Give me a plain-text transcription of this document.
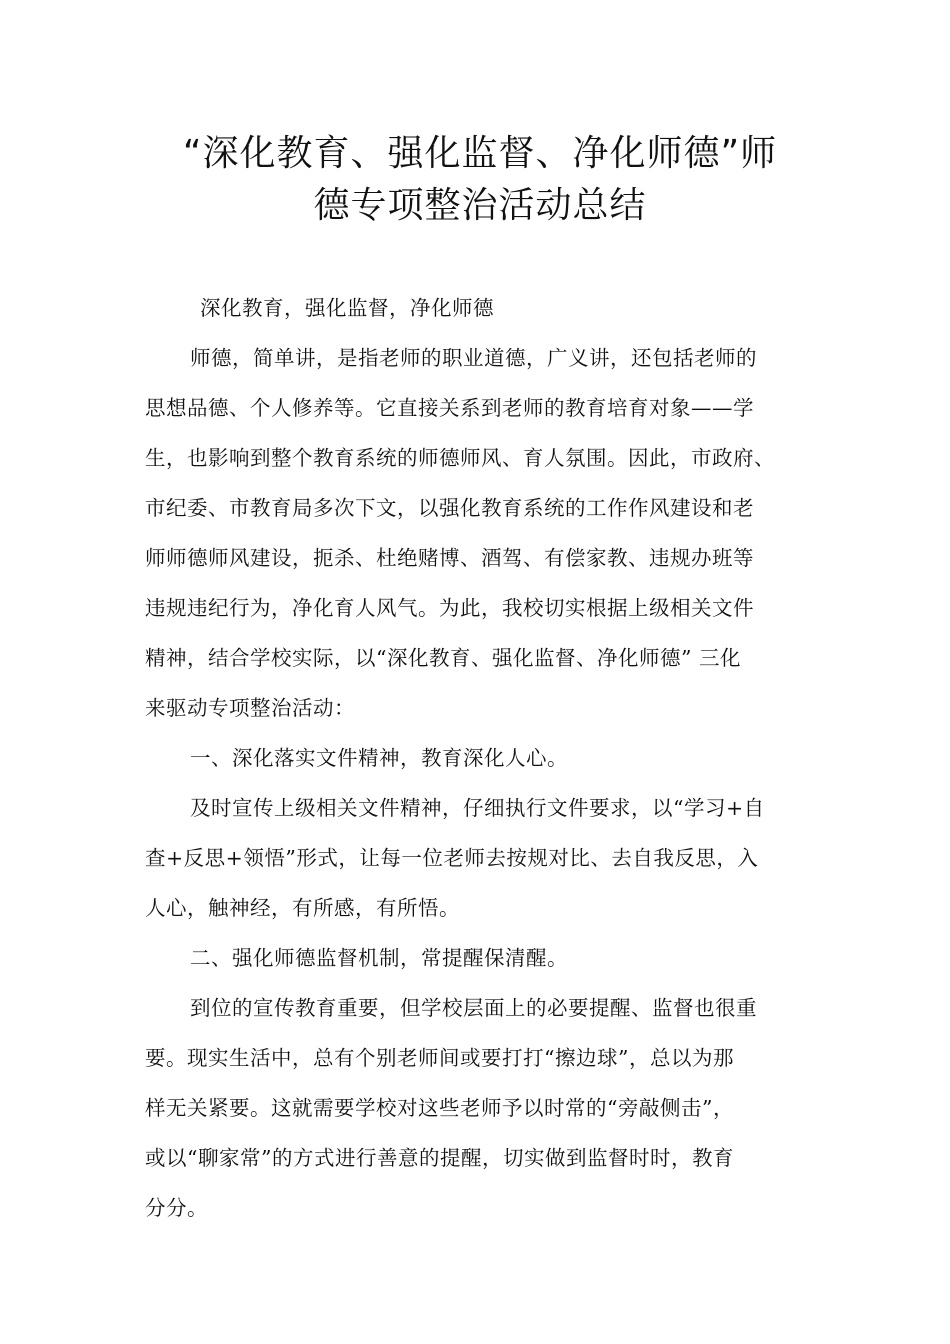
“深化教育、强化监督、净化师德”师
德专项整治活动总结
深化教育，强化监督，净化师德
师德，简单讲，是指老师的职业道德，广义讲，还包括老师的
思想品德、个人修养等。它直接关系到老师的教育培育对象——学
生，也影响到整个教育系统的师德师风、育人氛围。因此，市政府、
市纪委、市教育局多次下文，以强化教育系统的工作作风建设和老
师师德师风建设，扼杀、杜绝赌博、酒驾、有偿家教、违规办班等
违规违纪行为，净化育人风气。为此，我校切实根据上级相关文件
精神，结合学校实际，以“深化教育、强化监督、净化师德” 三化
来驱动专项整治活动：
一、深化落实文件精神，教育深化人心。
及时宣传上级相关文件精神，仔细执行文件要求，以“学习+自
查+反思+领悟”形式，让每一位老师去按规对比、去自我反思，入
人心，触神经，有所感，有所悟。
二、强化师德监督机制，常提醒保清醒。
到位的宣传教育重要，但学校层面上的必要提醒、监督也很重
要。现实生活中，总有个别老师间或要打打“擦边球”，总以为那
样无关紧要。这就需要学校对这些老师予以时常的“旁敲侧击”，
或以“聊家常”的方式进行善意的提醒，切实做到监督时时，教育
分分。
